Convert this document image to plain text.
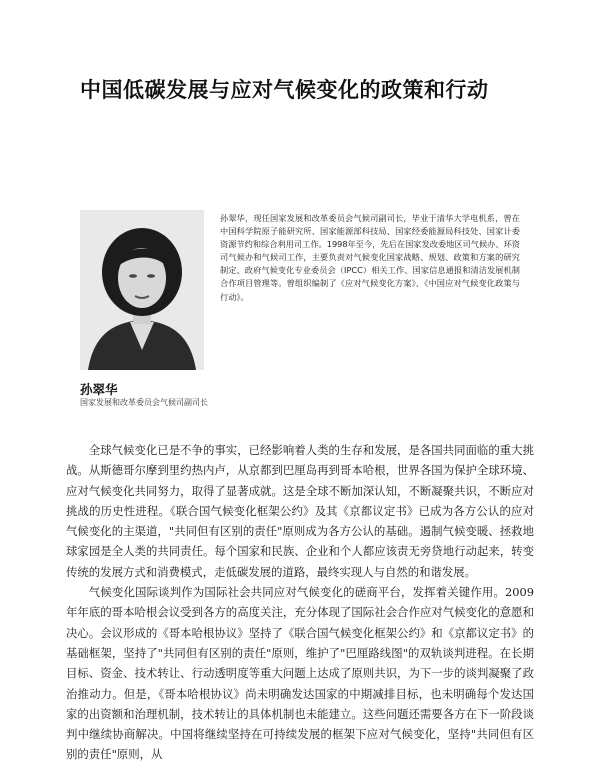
中国低碳发展与应对气候变化的政策和行动

孙翠华，现任国家发展和改革委员会气候司副司长，毕业于清华大学电机系，曾在中国科学院原子能研究所、国家能源部科技局、国家经委能源局科技处、国家计委资源节约和综合利用司工作。1998年至今，先后在国家发改委地区司气候办、环资司气候办和气候司工作，主要负责对气候变化国家战略、规划、政策和方案的研究制定、政府气候变化专业委员会（IPCC）相关工作、国家信息通报和清洁发展机制合作项目管理等。曾组织编制了《应对气候变化方案》、《中国应对气候变化政策与行动》。

孙翠华
国家发展和改革委员会气候司副司长

全球气候变化已是不争的事实，已经影响着人类的生存和发展，是各国共同面临的重大挑战。从斯德哥尔摩到里约热内卢，从京都到巴厘岛再到哥本哈根，世界各国为保护全球环境、应对气候变化共同努力，取得了显著成就。这是全球不断加深认知，不断凝聚共识，不断应对挑战的历史性进程。《联合国气候变化框架公约》及其《京都议定书》已成为各方公认的应对气候变化的主渠道，"共同但有区别的责任"原则成为各方公认的基础。遏制气候变暖、拯救地球家园是全人类的共同责任。每个国家和民族、企业和个人都应该责无旁贷地行动起来，转变传统的发展方式和消费模式，走低碳发展的道路，最终实现人与自然的和谐发展。

气候变化国际谈判作为国际社会共同应对气候变化的磋商平台，发挥着关键作用。2009年年底的哥本哈根会议受到各方的高度关注，充分体现了国际社会合作应对气候变化的意愿和决心。会议形成的《哥本哈根协议》坚持了《联合国气候变化框架公约》和《京都议定书》的基础框架，坚持了"共同但有区别的责任"原则，维护了"巴厘路线图"的双轨谈判进程。在长期目标、资金、技术转让、行动透明度等重大问题上达成了原则共识，为下一步的谈判凝聚了政治推动力。但是，《哥本哈根协议》尚未明确发达国家的中期减排目标，也未明确每个发达国家的出资额和治理机制，技术转让的具体机制也未能建立。这些问题还需要各方在下一阶段谈判中继续协商解决。中国将继续坚持在可持续发展的框架下应对气候变化，坚持"共同但有区别的责任"原则，从
